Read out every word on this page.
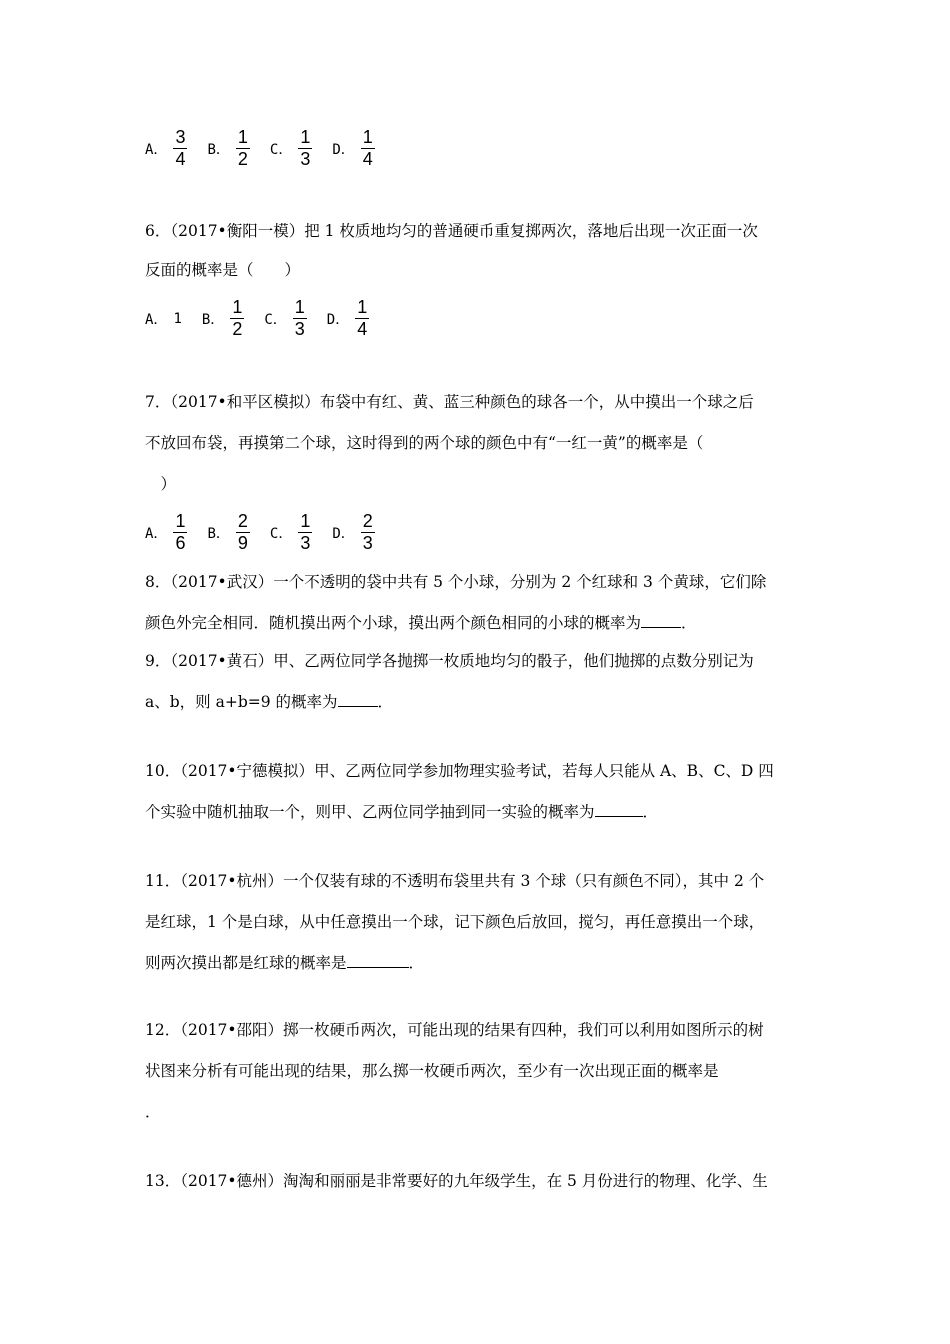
A． $\frac{3}{4}$ B． $\frac{1}{2}$ C． $\frac{1}{3}$ D． $\frac{1}{4}$
6．（2017•衡阳一模）把 1 枚质地均匀的普通硬币重复掷两次，落地后出现一次正面一次
反面的概率是（　　）
A． 1 B． $\frac{1}{2}$ C． $\frac{1}{3}$ D． $\frac{1}{4}$
7．（2017•和平区模拟）布袋中有红、黄、蓝三种颜色的球各一个，从中摸出一个球之后
不放回布袋，再摸第二个球，这时得到的两个球的颜色中有“一红一黄”的概率是（
　）
A． $\frac{1}{6}$ B． $\frac{2}{9}$ C． $\frac{1}{3}$ D． $\frac{2}{3}$
8．（2017•武汉）一个不透明的袋中共有 5 个小球，分别为 2 个红球和 3 个黄球，它们除
颜色外完全相同．随机摸出两个小球，摸出两个颜色相同的小球的概率为	．
9．（2017•黄石）甲、乙两位同学各抛掷一枚质地均匀的骰子，他们抛掷的点数分别记为
a、b，则 a+b=9 的概率为	．
10．（2017•宁德模拟）甲、乙两位同学参加物理实验考试，若每人只能从 A、B、C、D 四
个实验中随机抽取一个，则甲、乙两位同学抽到同一实验的概率为	．
11．（2017•杭州）一个仅装有球的不透明布袋里共有 3 个球（只有颜色不同），其中 2 个
是红球，1 个是白球，从中任意摸出一个球，记下颜色后放回，搅匀，再任意摸出一个球，
则两次摸出都是红球的概率是	．
12．（2017•邵阳）掷一枚硬币两次，可能出现的结果有四种，我们可以利用如图所示的树
状图来分析有可能出现的结果，那么掷一枚硬币两次，至少有一次出现正面的概率是
．
13．（2017•德州）淘淘和丽丽是非常要好的九年级学生，在 5 月份进行的物理、化学、生
